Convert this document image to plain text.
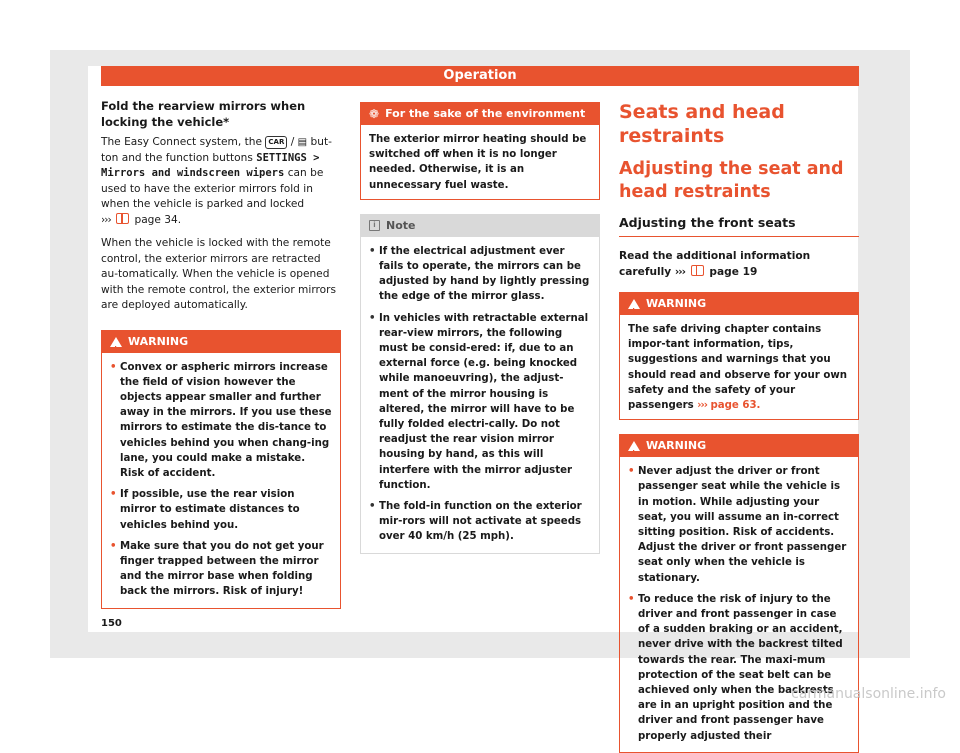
Operation
Fold the rearview mirrors when locking the vehicle*

The Easy Connect system, the CAR / ▤ but-ton and the function buttons SETTINGS > Mirrors and windscreen wipers can be used to have the exterior mirrors fold in when the vehicle is parked and locked ››› page 34.

When the vehicle is locked with the remote control, the exterior mirrors are retracted au-tomatically. When the vehicle is opened with the remote control, the exterior mirrors are deployed automatically.

!
WARNING
• Convex or aspheric mirrors increase the field of vision however the objects appear smaller and further away in the mirrors. If you use these mirrors to estimate the dis-tance to vehicles behind you when chang-ing lane, you could make a mistake. Risk of accident.
• If possible, use the rear vision mirror to estimate distances to vehicles behind you.
• Make sure that you do not get your finger trapped between the mirror and the mirror base when folding back the mirrors. Risk of injury!
❁ For the sake of the environment
The exterior mirror heating should be switched off when it is no longer needed. Otherwise, it is an unnecessary fuel waste.
i Note
• If the electrical adjustment ever fails to operate, the mirrors can be adjusted by hand by lightly pressing the edge of the mirror glass.
• In vehicles with retractable external rear-view mirrors, the following must be consid-ered: if, due to an external force (e.g. being knocked while manoeuvring), the adjust-ment of the mirror housing is altered, the mirror will have to be fully folded electri-cally. Do not readjust the rear vision mirror housing by hand, as this will interfere with the mirror adjuster function.
• The fold-in function on the exterior mir-rors will not activate at speeds over 40 km/h (25 mph).
Seats and head restraints
Adjusting the seat and head restraints
Adjusting the front seats

Read the additional information carefully ››› page 19

!
WARNING
The safe driving chapter contains impor-tant information, tips, suggestions and warnings that you should read and observe for your own safety and the safety of your passengers ››› page 63.
!
WARNING
• Never adjust the driver or front passenger seat while the vehicle is in motion. While adjusting your seat, you will assume an in-correct sitting position. Risk of accidents. Adjust the driver or front passenger seat only when the vehicle is stationary.
• To reduce the risk of injury to the driver and front passenger in case of a sudden braking or an accident, never drive with the backrest tilted towards the rear. The maxi-mum protection of the seat belt can be achieved only when the backrests are in an upright position and the driver and front passenger have properly adjusted their
150
carmanualsonline.info
